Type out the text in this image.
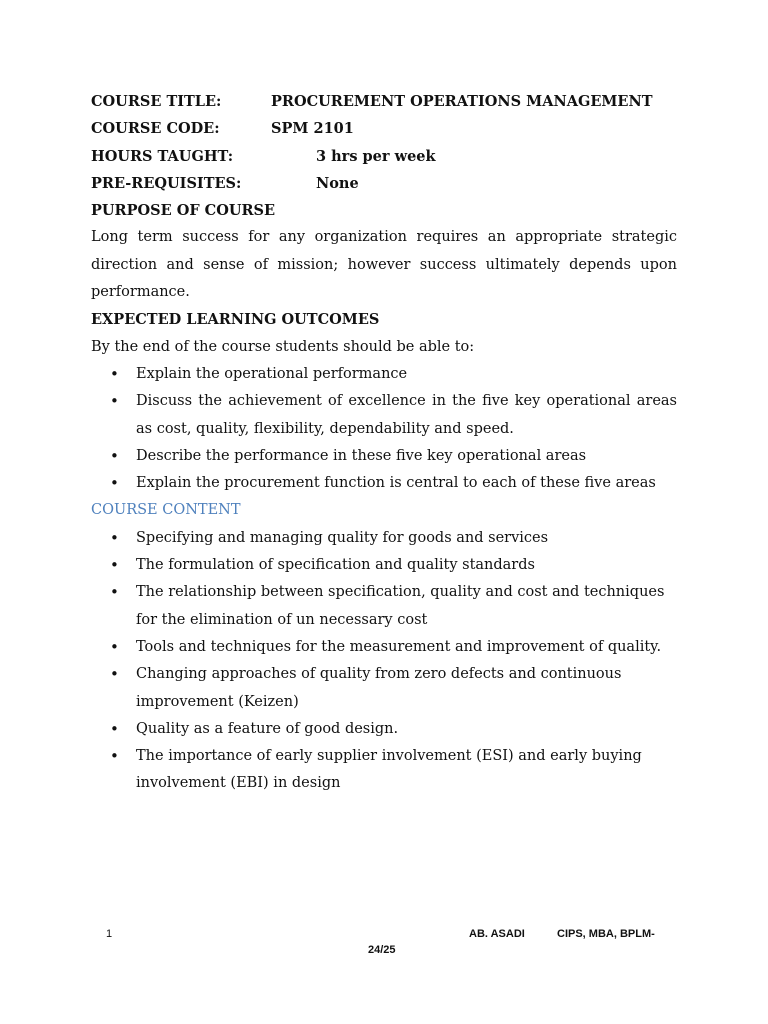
COURSE TITLE:	PROCUREMENT OPERATIONS MANAGEMENT
COURSE CODE:	SPM 2101
HOURS TAUGHT:	3 hrs per week
PRE-REQUISITES:	None
PURPOSE OF COURSE
Long term success for any organization requires an appropriate strategic direction and sense of mission; however success ultimately depends upon performance.
EXPECTED LEARNING OUTCOMES
By the end of the course students should be able to:
• Explain the operational performance
• Discuss the achievement of excellence in the five key operational areas as cost, quality, flexibility, dependability and speed.
• Describe the performance in these five key operational areas
• Explain the procurement function is central to each of these five areas
COURSE CONTENT
• Specifying and managing quality for goods and services
• The formulation of specification and quality standards
• The relationship between specification, quality and cost and techniques for the elimination of un necessary cost
• Tools and techniques for the measurement and improvement of quality.
• Changing approaches of quality from zero defects and continuous improvement (Keizen)
• Quality as a feature of good design.
• The importance of early supplier involvement (ESI) and early buying involvement (EBI) in design
1	AB. ASADI	CIPS, MBA, BPLM-
24/25
